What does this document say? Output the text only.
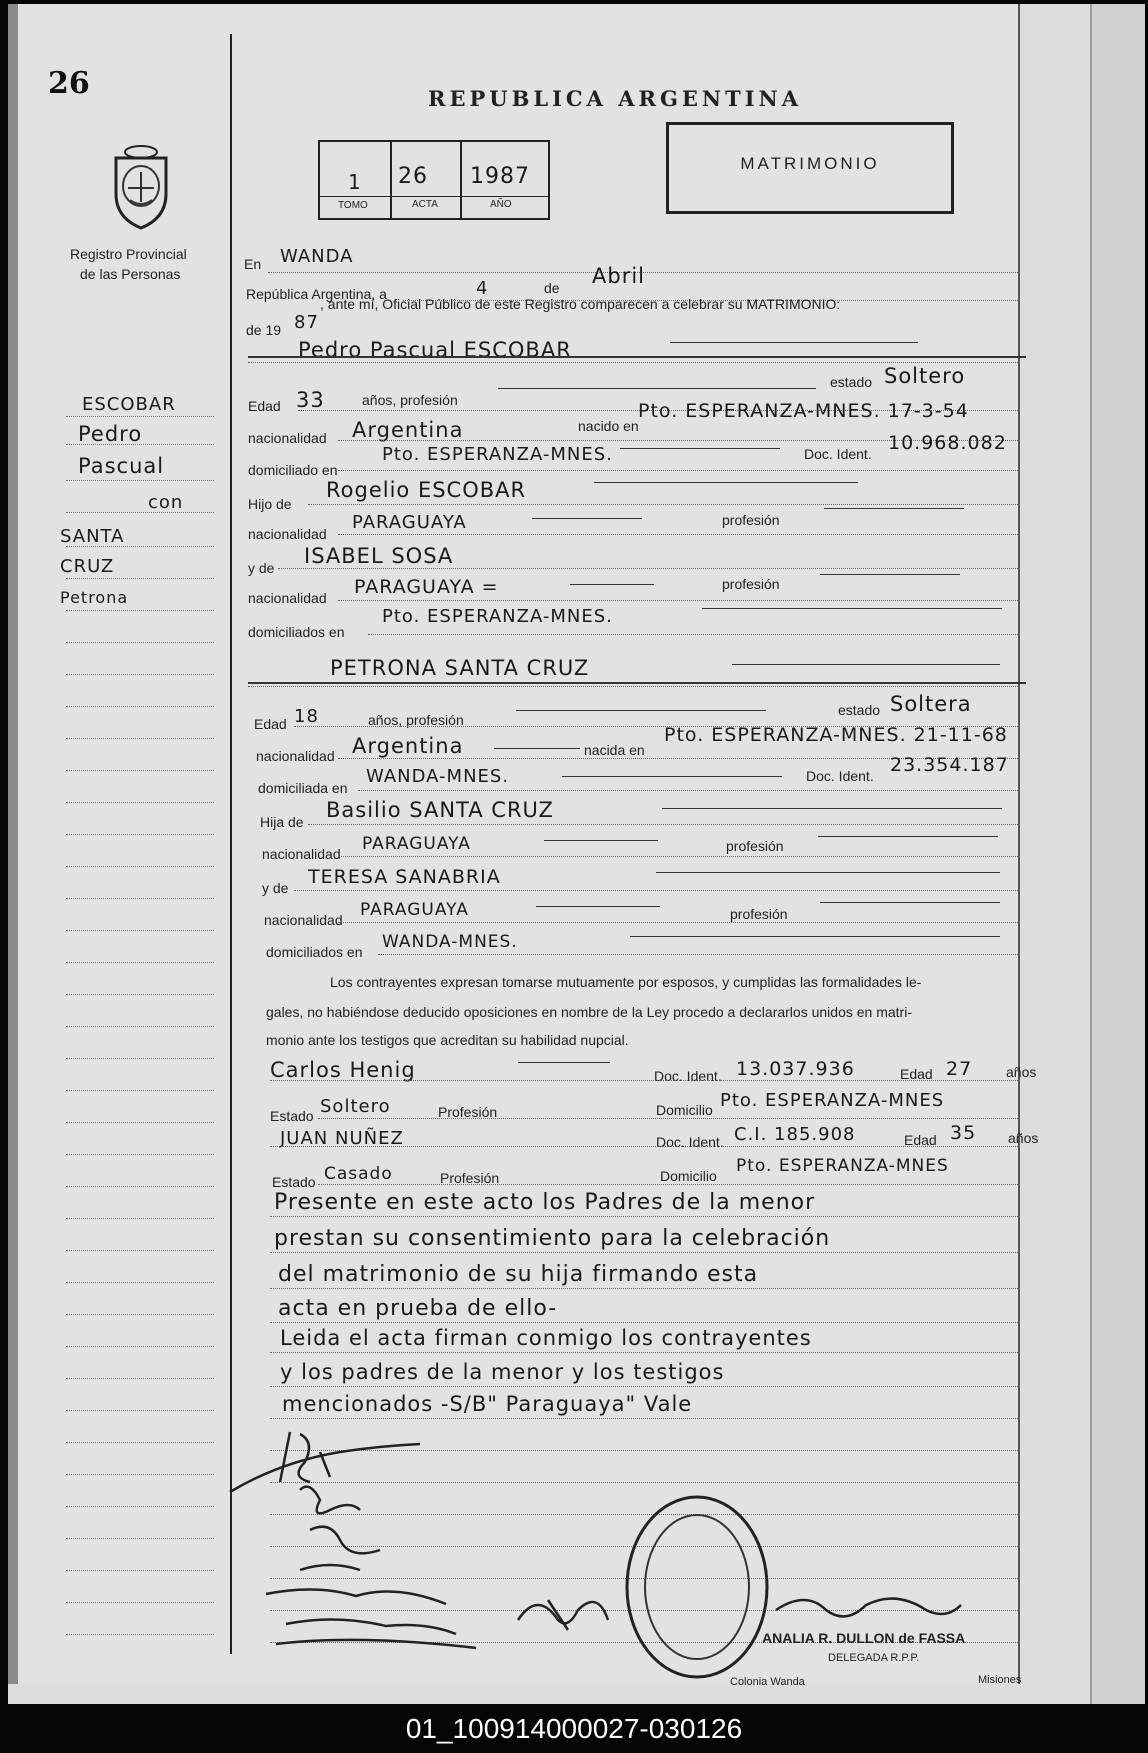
26	REPUBLICA ARGENTINA
MATRIMONIO
1 26 1987
TOMO	ACTA	AÑO
Registro Provincial
de las Personas
ESCOBAR
Pedro
Pascual
con
SANTA
CRUZ
Petrona
En WANDA
República Argentina, a	4	de Abril
de 19 87
, ante mí, Oficial Público de este Registro comparecen a celebrar su MATRIMONIO:
Pedro Pascual ESCOBAR
Edad 33	años, profesión
estado Soltero
nacionalidad Argentina	nacido en
Pto. ESPERANZA-MNES. 17-3-54
domiciliado en
Pto. ESPERANZA-MNES.	Doc. Ident. 10.968.082
Hijo de
Rogelio ESCOBAR
nacionalidad
PARAGUAYA	profesión
y de ISABEL SOSA
nacionalidad PARAGUAYA =	profesión
domiciliados en
Pto. ESPERANZA-MNES.
PETRONA SANTA CRUZ
Edad 18	años, profesión
estado Soltera
nacionalidad Argentina	nacida en
Pto. ESPERANZA-MNES. 21-11-68
domiciliada en
WANDA-MNES.	Doc. Ident. 23.354.187
Hija de Basilio SANTA CRUZ
nacionalidad PARAGUAYA	profesión
y de TERESA SANABRIA
nacionalidad PARAGUAYA	profesión
domiciliados en WANDA-MNES.
Los contrayentes expresan tomarse mutuamente por esposos, y cumplidas las formalidades le-
gales, no habiéndose deducido oposiciones en nombre de la Ley procedo a declararlos unidos en matri-
monio ante los testigos que acreditan su habilidad nupcial.
Carlos Henig	Doc. Ident. 13.037.936	Edad 27 años
Estado Soltero	Profesión	Domicilio Pto. ESPERANZA-MNES
JUAN NUÑEZ	Doc. Ident. C.I. 185.908	Edad 35 años
Estado Casado	Profesión	Domicilio Pto. ESPERANZA-MNES
Presente en este acto los Padres de la menor
prestan su consentimiento para la celebración
del matrimonio de su hija firmando esta
acta en prueba de ello-
Leida el acta firman conmigo los contrayentes
y los padres de la menor y los testigos
mencionados -S/B" Paraguaya" Vale
ANALIA R. DULLON de FASSA
DELEGADA R.P.P.
Colonia Wanda	Misiones
01_100914000027-030126
